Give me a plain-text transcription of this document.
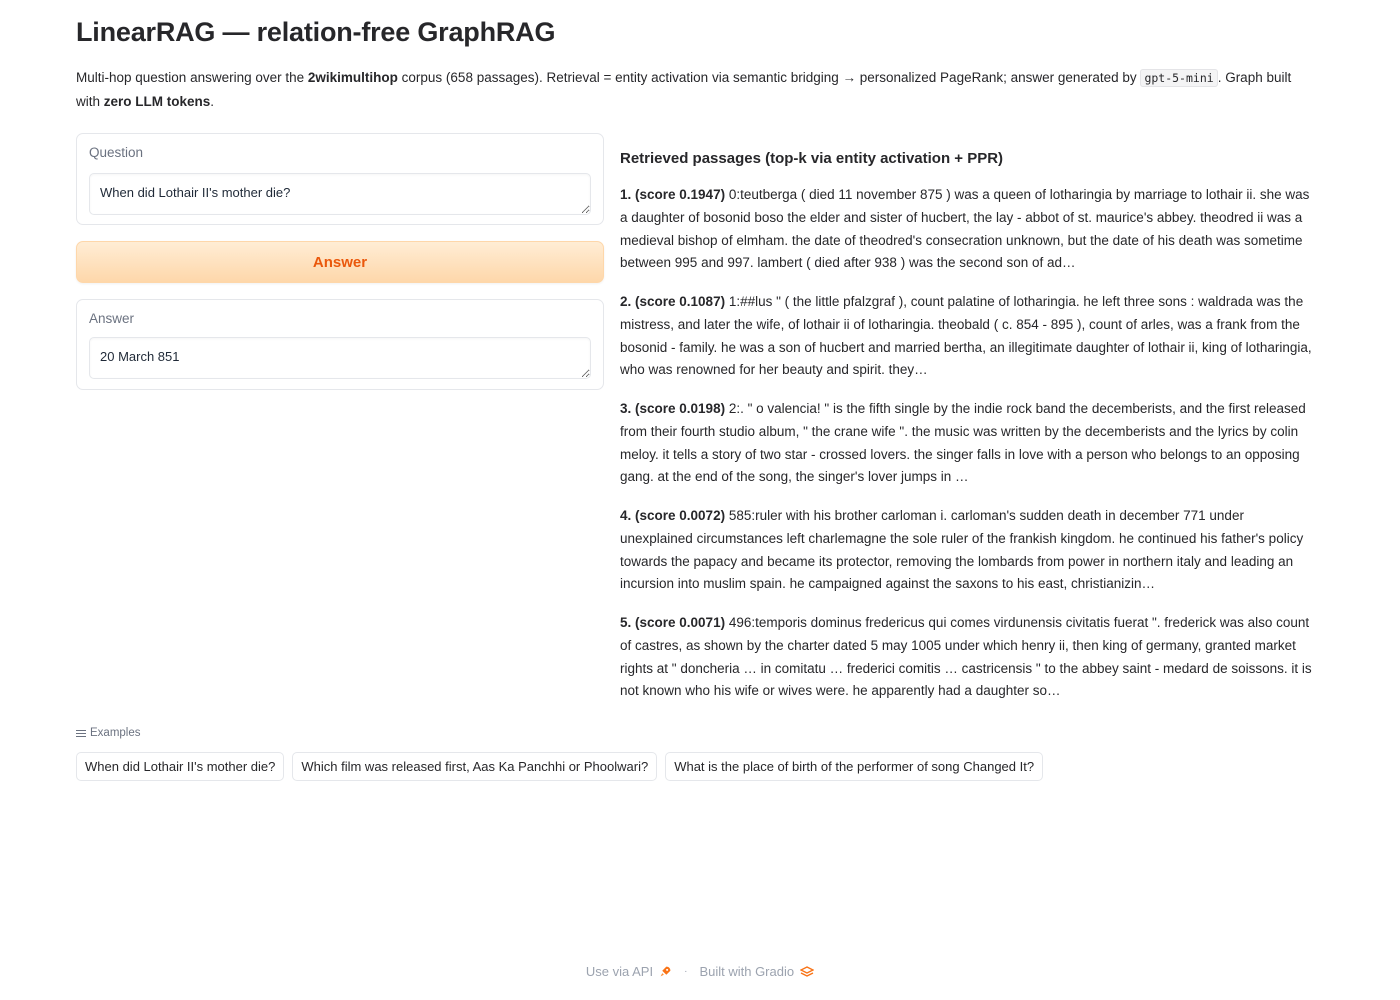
LinearRAG — relation-free GraphRAG

Multi-hop question answering over the 2wikimultihop corpus (658 passages). Retrieval = entity activation via semantic bridging → personalized PageRank; answer generated by gpt-5-mini . Graph built with zero LLM tokens.

Question
When did Lothair II's mother die?
Answer
Answer
20 March 851
Retrieved passages (top-k via entity activation + PPR)

1. (score 0.1947) 0:teutberga ( died 11 november 875 ) was a queen of lotharingia by marriage to lothair ii. she was a daughter of bosonid boso the elder and sister of hucbert, the lay - abbot of st. maurice's abbey. theodred ii was a medieval bishop of elmham. the date of theodred's consecration unknown, but the date of his death was sometime between 995 and 997. lambert ( died after 938 ) was the second son of ad…

2. (score 0.1087) 1:##lus " ( the little pfalzgraf ), count palatine of lotharingia. he left three sons : waldrada was the mistress, and later the wife, of lothair ii of lotharingia. theobald ( c. 854 - 895 ), count of arles, was a frank from the bosonid - family. he was a son of hucbert and married bertha, an illegitimate daughter of lothair ii, king of lotharingia, who was renowned for her beauty and spirit. they…

3. (score 0.0198) 2:. " o valencia! " is the fifth single by the indie rock band the decemberists, and the first released from their fourth studio album, " the crane wife ". the music was written by the decemberists and the lyrics by colin meloy. it tells a story of two star - crossed lovers. the singer falls in love with a person who belongs to an opposing gang. at the end of the song, the singer's lover jumps in …

4. (score 0.0072) 585:ruler with his brother carloman i. carloman's sudden death in december 771 under unexplained circumstances left charlemagne the sole ruler of the frankish kingdom. he continued his father's policy towards the papacy and became its protector, removing the lombards from power in northern italy and leading an incursion into muslim spain. he campaigned against the saxons to his east, christianizin…

5. (score 0.0071) 496:temporis dominus fredericus qui comes virdunensis civitatis fuerat ". frederick was also count of castres, as shown by the charter dated 5 may 1005 under which henry ii, then king of germany, granted market rights at " doncheria … in comitatu … frederici comitis … castricensis " to the abbey saint - medard de soissons. it is not known who his wife or wives were. he apparently had a daughter so…

Examples
When did Lothair II's mother die?	Which film was released first, Aas Ka Panchhi or Phoolwari?	What is the place of birth of the performer of song Changed It?
Use via API	· Built with Gradio
